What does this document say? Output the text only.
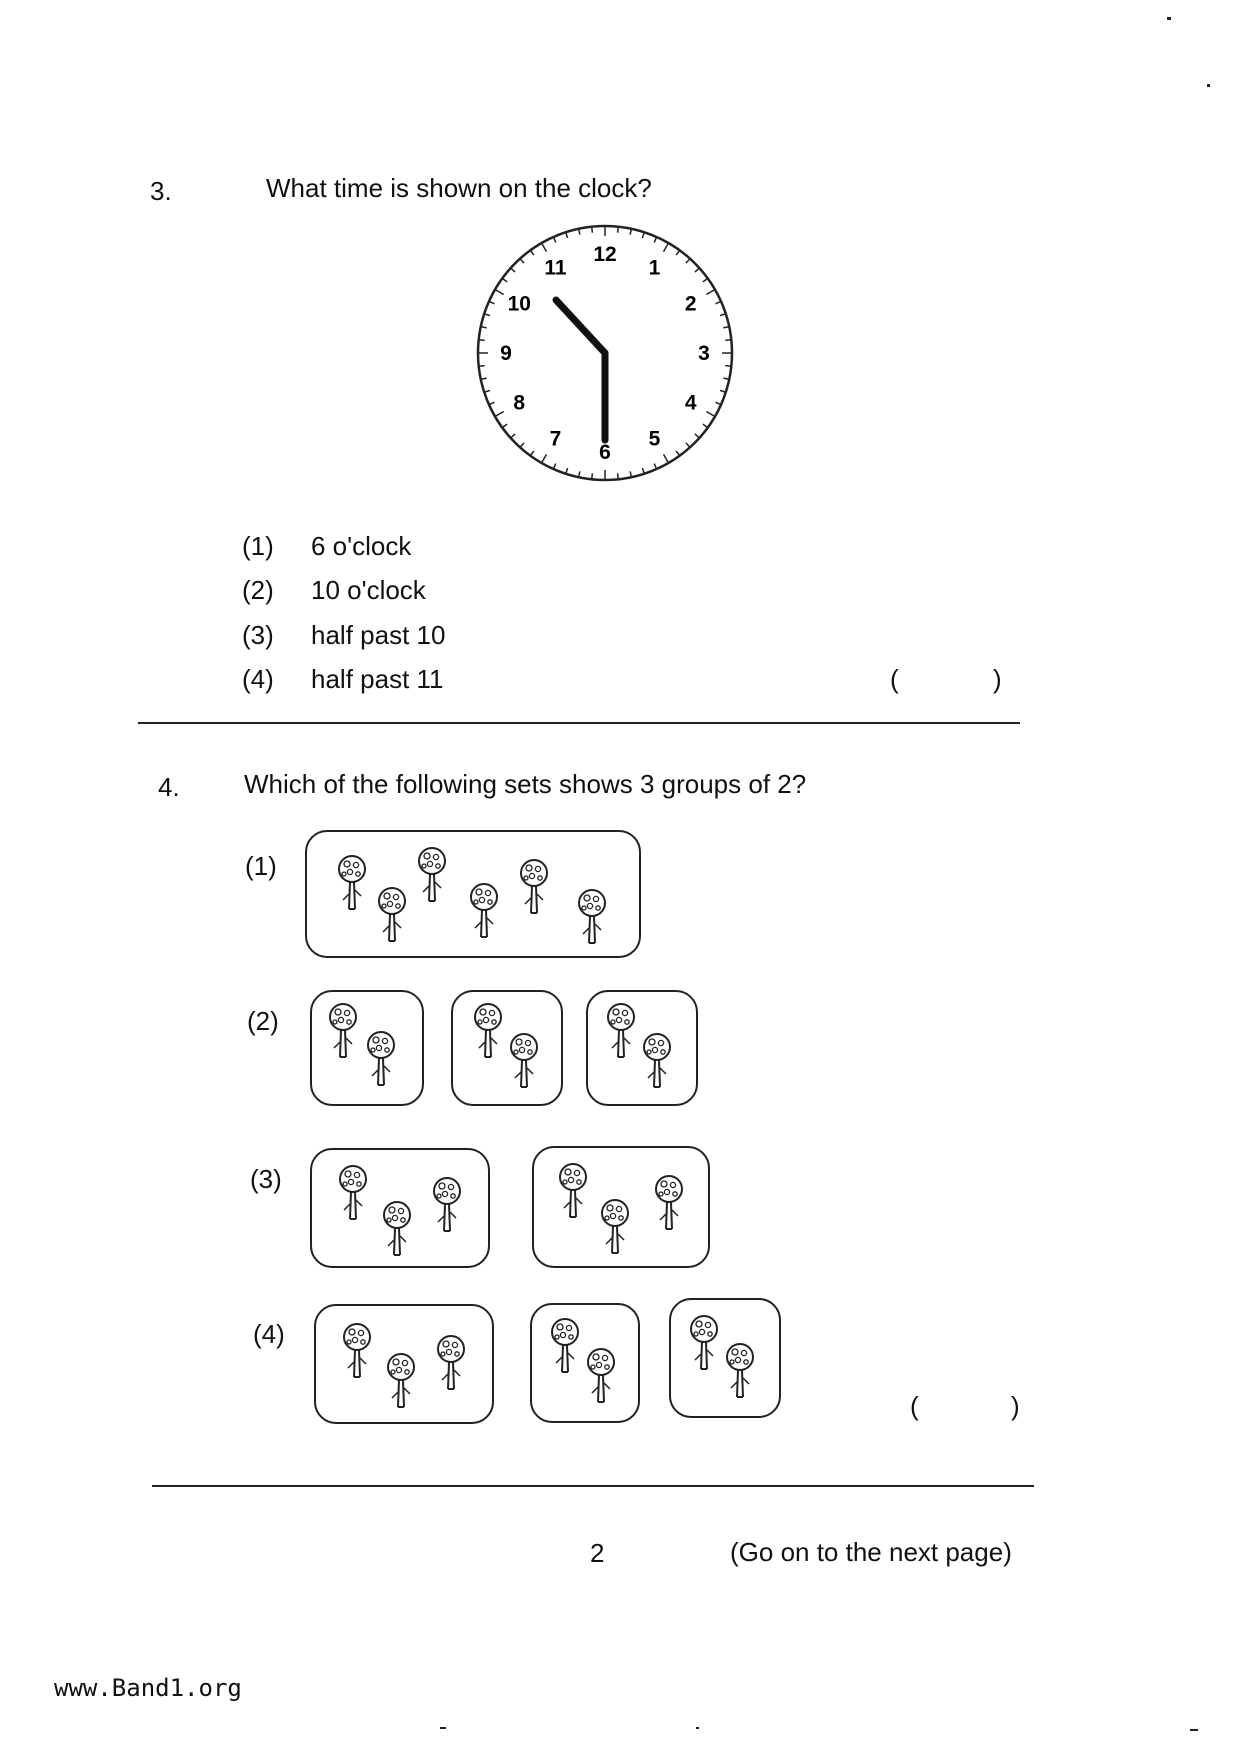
3.	What time is shown on the clock?
12
1
2
3
4
5
6
7
8
9
10
11
(1) 6 o'clock
(2) 10 o'clock
(3) half past 10
(4) half past 11	(	)
4. Which of the following sets shows 3 groups of 2?
(1)
(2)
(3)
(4)
(	)
2	(Go on to the next page)
www.Band1.org
